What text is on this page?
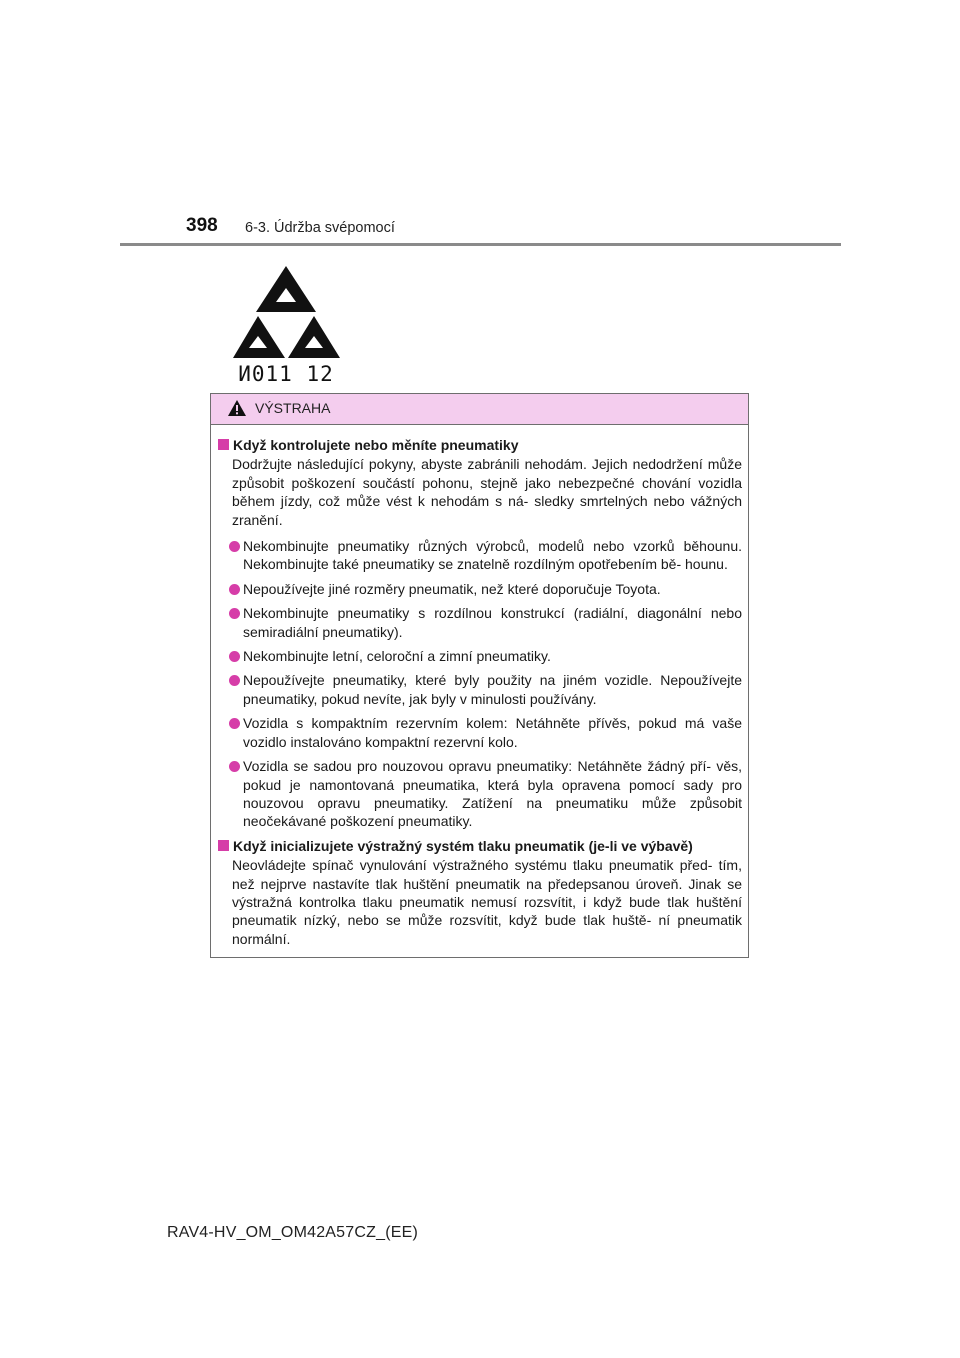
398 6-3. Údržba svépomocí
И011 12
VÝSTRAHA
Když kontrolujete nebo měníte pneumatiky
Dodržujte následující pokyny, abyste zabránili nehodám. Jejich nedodržení může způsobit poškození součástí pohonu, stejně jako nebezpečné chování vozidla během jízdy, což může vést k nehodám s ná- sledky smrtelných nebo vážných zranění.
Nekombinujte pneumatiky různých výrobců, modelů nebo vzorků běhounu. Nekombinujte také pneumatiky se znatelně rozdílným opotřebením bě- hounu.
Nepoužívejte jiné rozměry pneumatik, než které doporučuje Toyota.
Nekombinujte pneumatiky s rozdílnou konstrukcí (radiální, diagonální nebo semiradiální pneumatiky).
Nekombinujte letní, celoroční a zimní pneumatiky.
Nepoužívejte pneumatiky, které byly použity na jiném vozidle. Nepoužívejte pneumatiky, pokud nevíte, jak byly v minulosti používány.
Vozidla s kompaktním rezervním kolem: Netáhněte přívěs, pokud má vaše vozidlo instalováno kompaktní rezervní kolo.
Vozidla se sadou pro nouzovou opravu pneumatiky: Netáhněte žádný pří- věs, pokud je namontovaná pneumatika, která byla opravena pomocí sady pro nouzovou opravu pneumatiky. Zatížení na pneumatiku může způsobit neočekávané poškození pneumatiky.
Když inicializujete výstražný systém tlaku pneumatik (je-li ve výbavě)
Neovládejte spínač vynulování výstražného systému tlaku pneumatik před- tím, než nejprve nastavíte tlak huštění pneumatik na předepsanou úroveň. Jinak se výstražná kontrolka tlaku pneumatik nemusí rozsvítit, i když bude tlak huštění pneumatik nízký, nebo se může rozsvítit, když bude tlak huště- ní pneumatik normální.
RAV4-HV_OM_OM42A57CZ_(EE)
